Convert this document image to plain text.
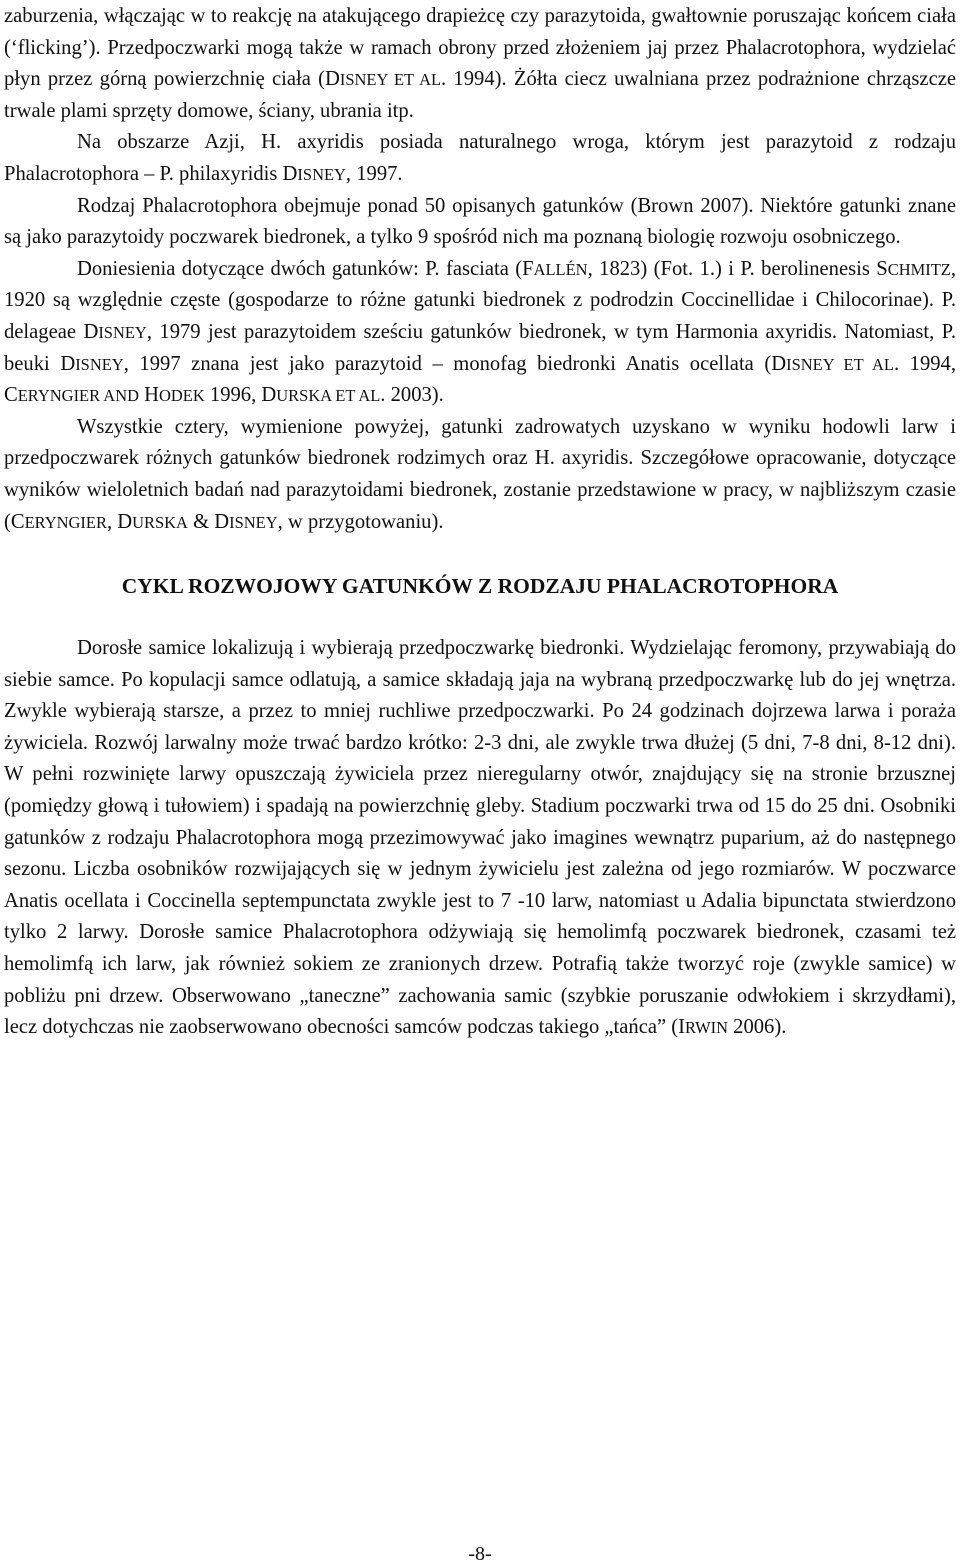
zaburzenia, włączając w to reakcję na atakującego drapieżcę czy parazytoida, gwałtownie poruszając końcem ciała (‘flicking’). Przedpoczwarki mogą także w ramach obrony przed złożeniem jaj przez Phalacrotophora, wydzielać płyn przez górną powierzchnię ciała (DISNEY ET AL. 1994). Żółta ciecz uwalniana przez podrażnione chrząszcze trwale plami sprzęty domowe, ściany, ubrania itp.

Na obszarze Azji, H. axyridis posiada naturalnego wroga, którym jest parazytoid z rodzaju Phalacrotophora – P. philaxyridis DISNEY, 1997.

Rodzaj Phalacrotophora obejmuje ponad 50 opisanych gatunków (Brown 2007). Niektóre gatunki znane są jako parazytoidy poczwarek biedronek, a tylko 9 spośród nich ma poznaną biologię rozwoju osobniczego.

Doniesienia dotyczące dwóch gatunków: P. fasciata (FALLÉN, 1823) (Fot. 1.) i P. berolinenesis SCHMITZ, 1920 są względnie częste (gospodarze to różne gatunki biedronek z podrodzin Coccinellidae i Chilocorinae). P. delageae DISNEY, 1979 jest parazytoidem sześciu gatunków biedronek, w tym Harmonia axyridis. Natomiast, P. beuki DISNEY, 1997 znana jest jako parazytoid – monofag biedronki Anatis ocellata (DISNEY ET AL. 1994, CERYNGIER AND HODEK 1996, DURSKA ET AL. 2003).

Wszystkie cztery, wymienione powyżej, gatunki zadrowatych uzyskano w wyniku hodowli larw i przedpoczwarek różnych gatunków biedronek rodzimych oraz H. axyridis. Szczegółowe opracowanie, dotyczące wyników wieloletnich badań nad parazytoidami biedronek, zostanie przedstawione w pracy, w najbliższym czasie (CERYNGIER, DURSKA & DISNEY, w przygotowaniu).

CYKL ROZWOJOWY GATUNKÓW Z RODZAJU PHALACROTOPHORA

Dorosłe samice lokalizują i wybierają przedpoczwarkę biedronki. Wydzielając feromony, przywabiają do siebie samce. Po kopulacji samce odlatują, a samice składają jaja na wybraną przedpoczwarkę lub do jej wnętrza. Zwykle wybierają starsze, a przez to mniej ruchliwe przedpoczwarki. Po 24 godzinach dojrzewa larwa i poraża żywiciela. Rozwój larwalny może trwać bardzo krótko: 2-3 dni, ale zwykle trwa dłużej (5 dni, 7-8 dni, 8-12 dni). W pełni rozwinięte larwy opuszczają żywiciela przez nieregularny otwór, znajdujący się na stronie brzusznej (pomiędzy głową i tułowiem) i spadają na powierzchnię gleby. Stadium poczwarki trwa od 15 do 25 dni. Osobniki gatunków z rodzaju Phalacrotophora mogą przezimowywać jako imagines wewnątrz puparium, aż do następnego sezonu. Liczba osobników rozwijających się w jednym żywicielu jest zależna od jego rozmiarów. W poczwarce Anatis ocellata i Coccinella septempunctata zwykle jest to 7 -10 larw, natomiast u Adalia bipunctata stwierdzono tylko 2 larwy. Dorosłe samice Phalacrotophora odżywiają się hemolimfą poczwarek biedronek, czasami też hemolimfą ich larw, jak również sokiem ze zranionych drzew. Potrafią także tworzyć roje (zwykle samice) w pobliżu pni drzew. Obserwowano „taneczne” zachowania samic (szybkie poruszanie odwłokiem i skrzydłami), lecz dotychczas nie zaobserwowano obecności samców podczas takiego „tańca” (IRWIN 2006).

-8-
